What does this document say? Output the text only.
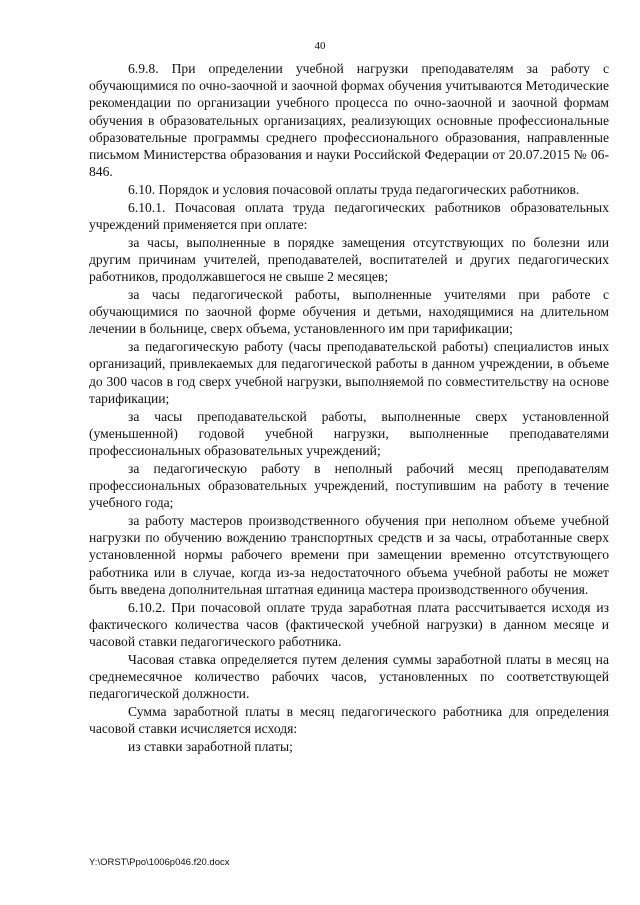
40

6.9.8. При определении учебной нагрузки преподавателям за работу с обучающимися по очно-заочной и заочной формах обучения учитываются Методические рекомендации по организации учебного процесса по очно-заочной и заочной формам обучения в образовательных организациях, реализующих основные профессиональные образовательные программы среднего профессионального образования, направленные письмом Министерства образования и науки Российской Федерации от 20.07.2015 № 06-846.

6.10. Порядок и условия почасовой оплаты труда педагогических работников.

6.10.1. Почасовая оплата труда педагогических работников образовательных учреждений применяется при оплате:

за часы, выполненные в порядке замещения отсутствующих по болезни или другим причинам учителей, преподавателей, воспитателей и других педагогических работников, продолжавшегося не свыше 2 месяцев;

за часы педагогической работы, выполненные учителями при работе с обучающимися по заочной форме обучения и детьми, находящимися на длительном лечении в больнице, сверх объема, установленного им при тарификации;

за педагогическую работу (часы преподавательской работы) специалистов иных организаций, привлекаемых для педагогической работы в данном учреждении, в объеме до 300 часов в год сверх учебной нагрузки, выполняемой по совместительству на основе тарификации;

за часы преподавательской работы, выполненные сверх установленной (уменьшенной) годовой учебной нагрузки, выполненные преподавателями профессиональных образовательных учреждений;

за педагогическую работу в неполный рабочий месяц преподавателям профессиональных образовательных учреждений, поступившим на работу в течение учебного года;

за работу мастеров производственного обучения при неполном объеме учебной нагрузки по обучению вождению транспортных средств и за часы, отработанные сверх установленной нормы рабочего времени при замещении временно отсутствующего работника или в случае, когда из-за недостаточного объема учебной работы не может быть введена дополнительная штатная единица мастера производственного обучения.

6.10.2. При почасовой оплате труда заработная плата рассчитывается исходя из фактического количества часов (фактической учебной нагрузки) в данном месяце и часовой ставки педагогического работника.

Часовая ставка определяется путем деления суммы заработной платы в месяц на среднемесячное количество рабочих часов, установленных по соответствующей педагогической должности.

Сумма заработной платы в месяц педагогического работника для определения часовой ставки исчисляется исходя:

из ставки заработной платы;

Y:\ORST\Ppo\1006p046.f20.docx
